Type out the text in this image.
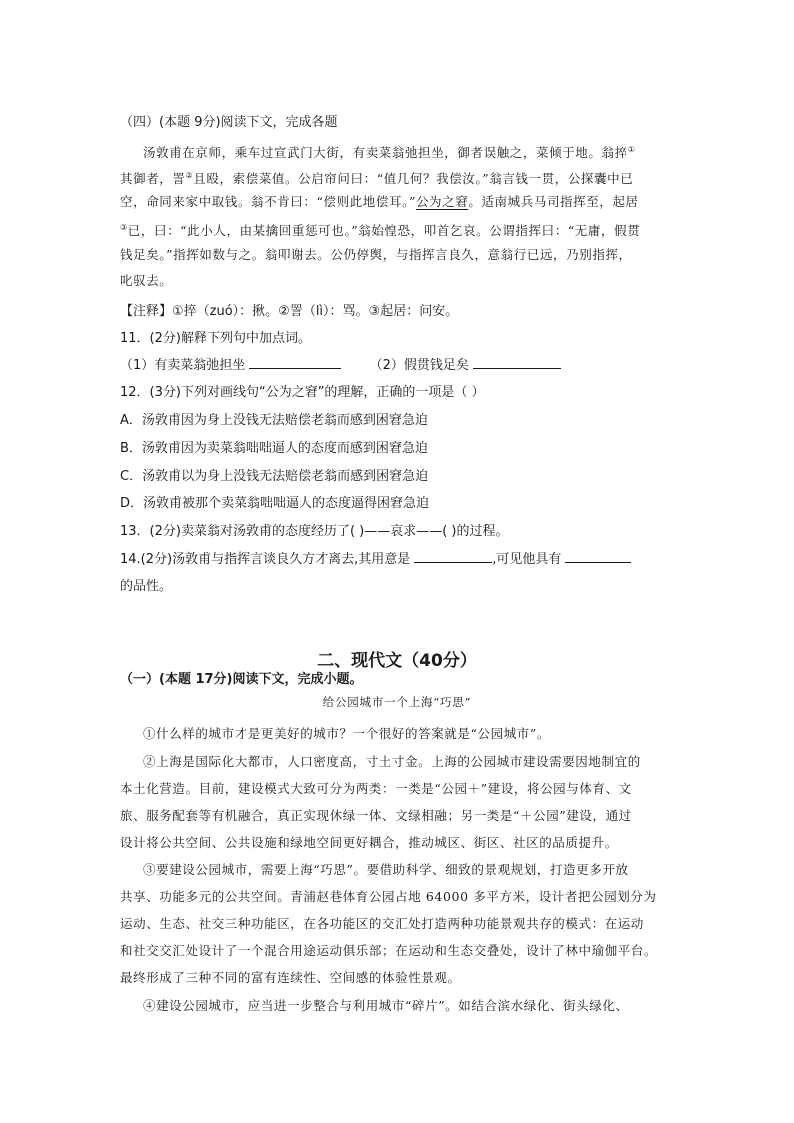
（四）(本题 9分)阅读下文，完成各题
汤敦甫在京师，乘车过宣武门大街，有卖菜翁弛担坐，御者误触之，菜倾于地。翁捽①
其御者，詈②且殴，索偿菜值。公启帘问曰：“值几何？我偿汝。”翁言钱一贯，公探囊中已
空，命同来家中取钱。翁不肯曰：“偿则此地偿耳。”公为之窘。适南城兵马司指挥至，起居
③已，曰：“此小人，由某擒回重惩可也。”翁始惶恐，叩首乞哀。公谓指挥曰：“无庸，假贯
钱足矣。”指挥如数与之。翁叩谢去。公仍停舆，与指挥言良久，意翁行已远，乃别指挥，
叱驭去。
【注释】①捽（zuó）：揪。②詈（lì）：骂。③起居：问安。
11．(2分)解释下列句中加点词。
（1）有卖菜翁弛担坐	（2）假贯钱足矣
12．(3分)下列对画线句“公为之窘”的理解，正确的一项是（ ）
A．汤敦甫因为身上没钱无法赔偿老翁而感到困窘急迫
B．汤敦甫因为卖菜翁咄咄逼人的态度而感到困窘急迫
C．汤敦甫以为身上没钱无法赔偿老翁而感到困窘急迫
D．汤敦甫被那个卖菜翁咄咄逼人的态度逼得困窘急迫
13．(2分)卖菜翁对汤敦甫的态度经历了( )——哀求——( )的过程。
14.(2分)汤敦甫与指挥言谈良久方才离去,其用意是	,可见他具有
的品性。
二、现代文（40分）
（一）(本题 17分)阅读下文，完成小题。
给公园城市一个上海“巧思”
①什么样的城市才是更美好的城市？一个很好的答案就是“公园城市”。
②上海是国际化大都市，人口密度高，寸土寸金。上海的公园城市建设需要因地制宜的
本土化营造。目前，建设模式大致可分为两类：一类是“公园＋”建设，将公园与体育、文
旅、服务配套等有机融合，真正实现休绿一体、文绿相融；另一类是“＋公园”建设，通过
设计将公共空间、公共设施和绿地空间更好耦合，推动城区、街区、社区的品质提升。
③要建设公园城市，需要上海“巧思”。要借助科学、细致的景观规划，打造更多开放
共享、功能多元的公共空间。青浦赵巷体育公园占地 64000 多平方米，设计者把公园划分为
运动、生态、社交三种功能区，在各功能区的交汇处打造两种功能景观共存的模式：在运动
和社交交汇处设计了一个混合用途运动俱乐部；在运动和生态交叠处，设计了林中瑜伽平台。
最终形成了三种不同的富有连续性、空间感的体验性景观。
④建设公园城市，应当进一步整合与利用城市“碎片”。如结合滨水绿化、街头绿化、
